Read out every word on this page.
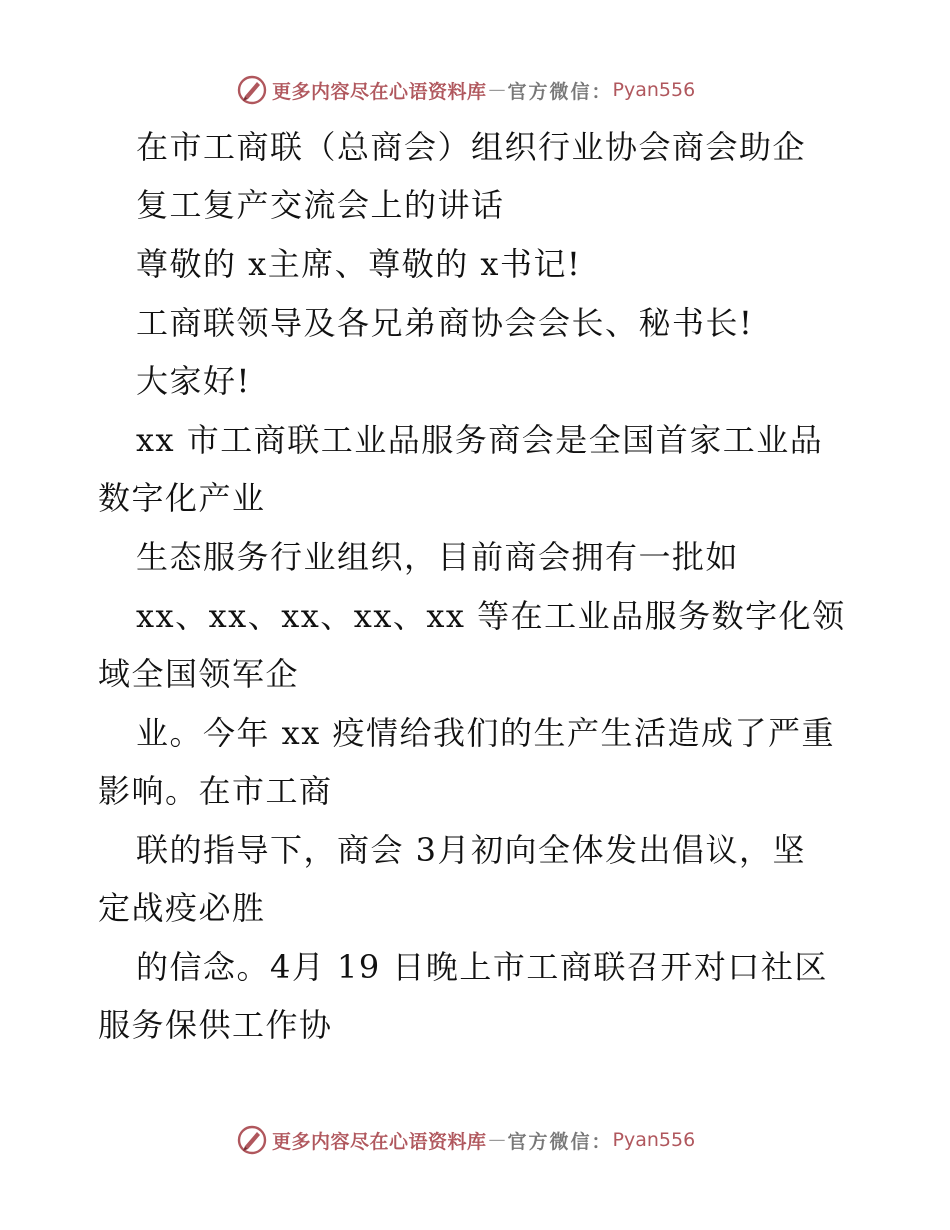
更多内容尽在心语资料库 — 官方微信： Pyan556
在市工商联（总商会）组织行业协会商会助企
复工复产交流会上的讲话
尊敬的 x主席、尊敬的 x书记!
工商联领导及各兄弟商协会会长、秘书长!
大家好!
xx 市工商联工业品服务商会是全国首家工业品
数字化产业
生态服务行业组织，目前商会拥有一批如
xx、xx、xx、xx、xx 等在工业品服务数字化领
域全国领军企
业。今年 xx 疫情给我们的生产生活造成了严重
影响。在市工商
联的指导下，商会 3月初向全体发出倡议，坚
定战疫必胜
的信念。4月 19 日晚上市工商联召开对口社区
服务保供工作协
更多内容尽在心语资料库 — 官方微信： Pyan556
